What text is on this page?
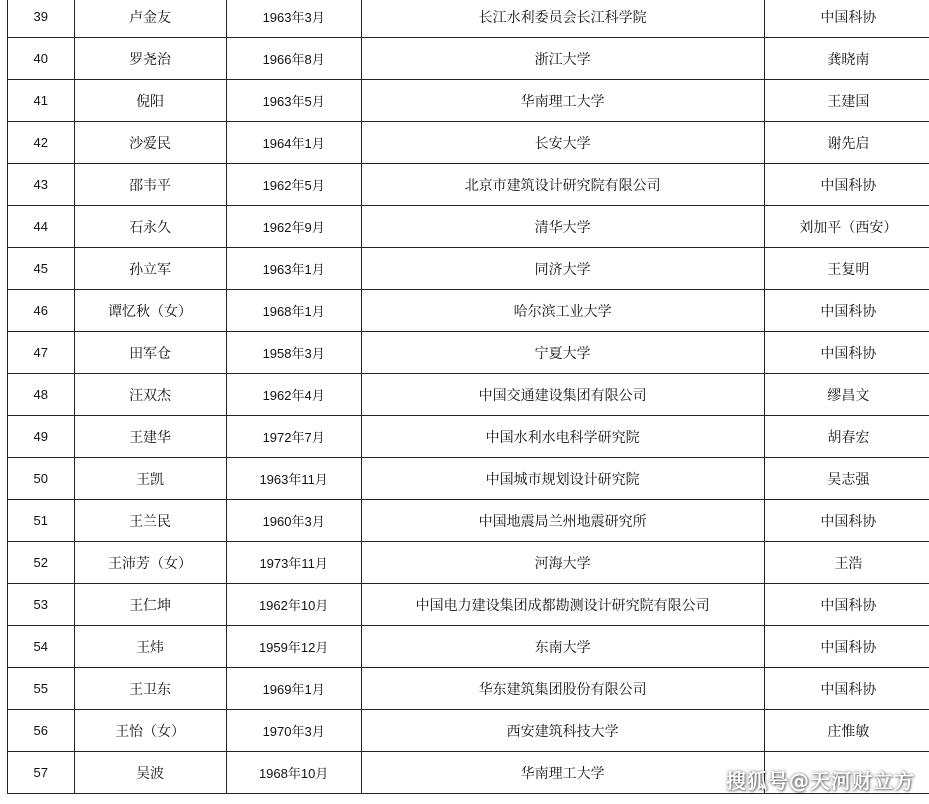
39	卢金友	1963年3月	长江水利委员会长江科学院	中国科协
40	罗尧治	1966年8月	浙江大学	龚晓南
41	倪阳	1963年5月	华南理工大学	王建国
42	沙爱民	1964年1月	长安大学	谢先启
43	邵韦平	1962年5月	北京市建筑设计研究院有限公司	中国科协
44	石永久	1962年9月	清华大学	刘加平（西安）
45	孙立军	1963年1月	同济大学	王复明
46	谭忆秋（女）	1968年1月	哈尔滨工业大学	中国科协
47	田军仓	1958年3月	宁夏大学	中国科协
48	汪双杰	1962年4月	中国交通建设集团有限公司	缪昌文
49	王建华	1972年7月	中国水利水电科学研究院	胡春宏
50	王凯	1963年11月	中国城市规划设计研究院	吴志强
51	王兰民	1960年3月	中国地震局兰州地震研究所	中国科协
52	王沛芳（女）	1973年11月	河海大学	王浩
53	王仁坤	1962年10月	中国电力建设集团成都勘测设计研究院有限公司	中国科协
54	王炜	1959年12月	东南大学	中国科协
55	王卫东	1969年1月	华东建筑集团股份有限公司	中国科协
56	王怡（女）	1970年3月	西安建筑科技大学	庄惟敏
57	吴波	1968年10月	华南理工大学		搜狐号@天河财立方
